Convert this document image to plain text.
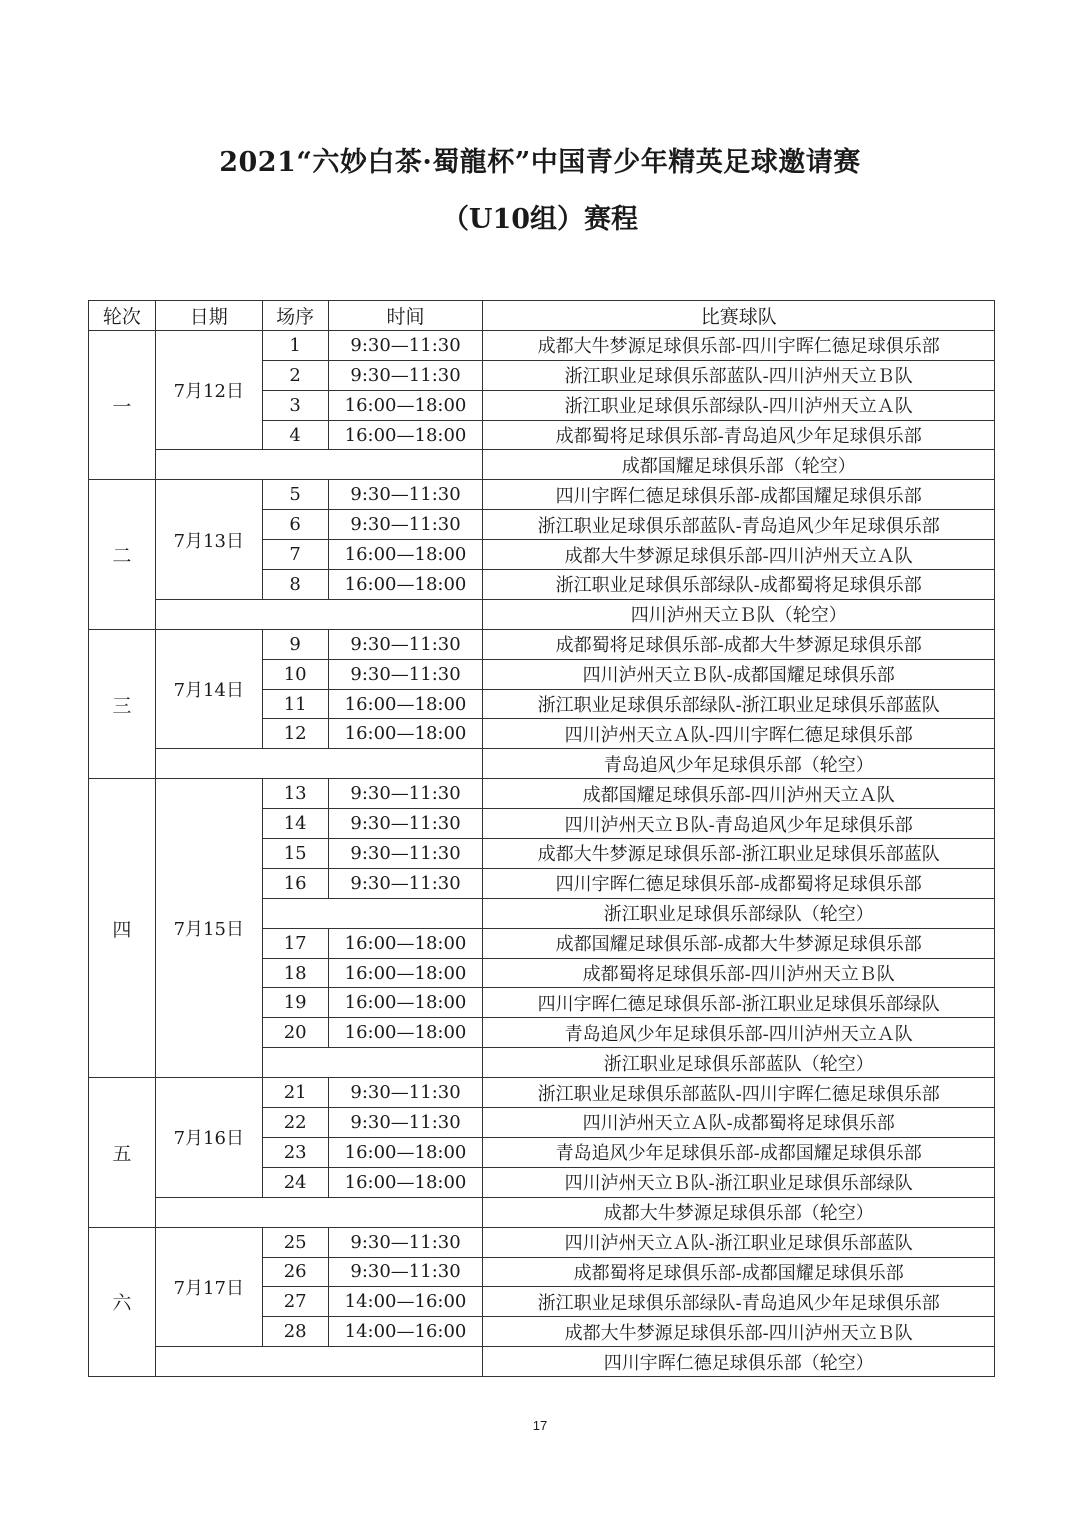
2021“六妙白茶·蜀龍杯”中国青少年精英足球邀请赛
（U10组）赛程
轮次	日期	场序	时间	比赛球队
一	7月12日	1	9:30—11:30	成都大牛梦源足球俱乐部-四川宇晖仁德足球俱乐部
		2	9:30—11:30	浙江职业足球俱乐部蓝队-四川泸州天立Ｂ队
		3	16:00—18:00	浙江职业足球俱乐部绿队-四川泸州天立Ａ队
		4	16:00—18:00	成都蜀将足球俱乐部-青岛追风少年足球俱乐部
				成都国耀足球俱乐部（轮空）
二	7月13日	5	9:30—11:30	四川宇晖仁德足球俱乐部-成都国耀足球俱乐部
		6	9:30—11:30	浙江职业足球俱乐部蓝队-青岛追风少年足球俱乐部
		7	16:00—18:00	成都大牛梦源足球俱乐部-四川泸州天立Ａ队
		8	16:00—18:00	浙江职业足球俱乐部绿队-成都蜀将足球俱乐部
				四川泸州天立Ｂ队（轮空）
三	7月14日	9	9:30—11:30	成都蜀将足球俱乐部-成都大牛梦源足球俱乐部
		10	9:30—11:30	四川泸州天立Ｂ队-成都国耀足球俱乐部
		11	16:00—18:00	浙江职业足球俱乐部绿队-浙江职业足球俱乐部蓝队
		12	16:00—18:00	四川泸州天立Ａ队-四川宇晖仁德足球俱乐部
				青岛追风少年足球俱乐部（轮空）
四	7月15日	13	9:30—11:30	成都国耀足球俱乐部-四川泸州天立Ａ队
		14	9:30—11:30	四川泸州天立Ｂ队-青岛追风少年足球俱乐部
		15	9:30—11:30	成都大牛梦源足球俱乐部-浙江职业足球俱乐部蓝队
		16	9:30—11:30	四川宇晖仁德足球俱乐部-成都蜀将足球俱乐部
				浙江职业足球俱乐部绿队（轮空）
		17	16:00—18:00	成都国耀足球俱乐部-成都大牛梦源足球俱乐部
		18	16:00—18:00	成都蜀将足球俱乐部-四川泸州天立Ｂ队
		19	16:00—18:00	四川宇晖仁德足球俱乐部-浙江职业足球俱乐部绿队
		20	16:00—18:00	青岛追风少年足球俱乐部-四川泸州天立Ａ队
				浙江职业足球俱乐部蓝队（轮空）
五	7月16日	21	9:30—11:30	浙江职业足球俱乐部蓝队-四川宇晖仁德足球俱乐部
		22	9:30—11:30	四川泸州天立Ａ队-成都蜀将足球俱乐部
		23	16:00—18:00	青岛追风少年足球俱乐部-成都国耀足球俱乐部
		24	16:00—18:00	四川泸州天立Ｂ队-浙江职业足球俱乐部绿队
				成都大牛梦源足球俱乐部（轮空）
六	7月17日	25	9:30—11:30	四川泸州天立Ａ队-浙江职业足球俱乐部蓝队
		26	9:30—11:30	成都蜀将足球俱乐部-成都国耀足球俱乐部
		27	14:00—16:00	浙江职业足球俱乐部绿队-青岛追风少年足球俱乐部
		28	14:00—16:00	成都大牛梦源足球俱乐部-四川泸州天立Ｂ队
				四川宇晖仁德足球俱乐部（轮空）
17
